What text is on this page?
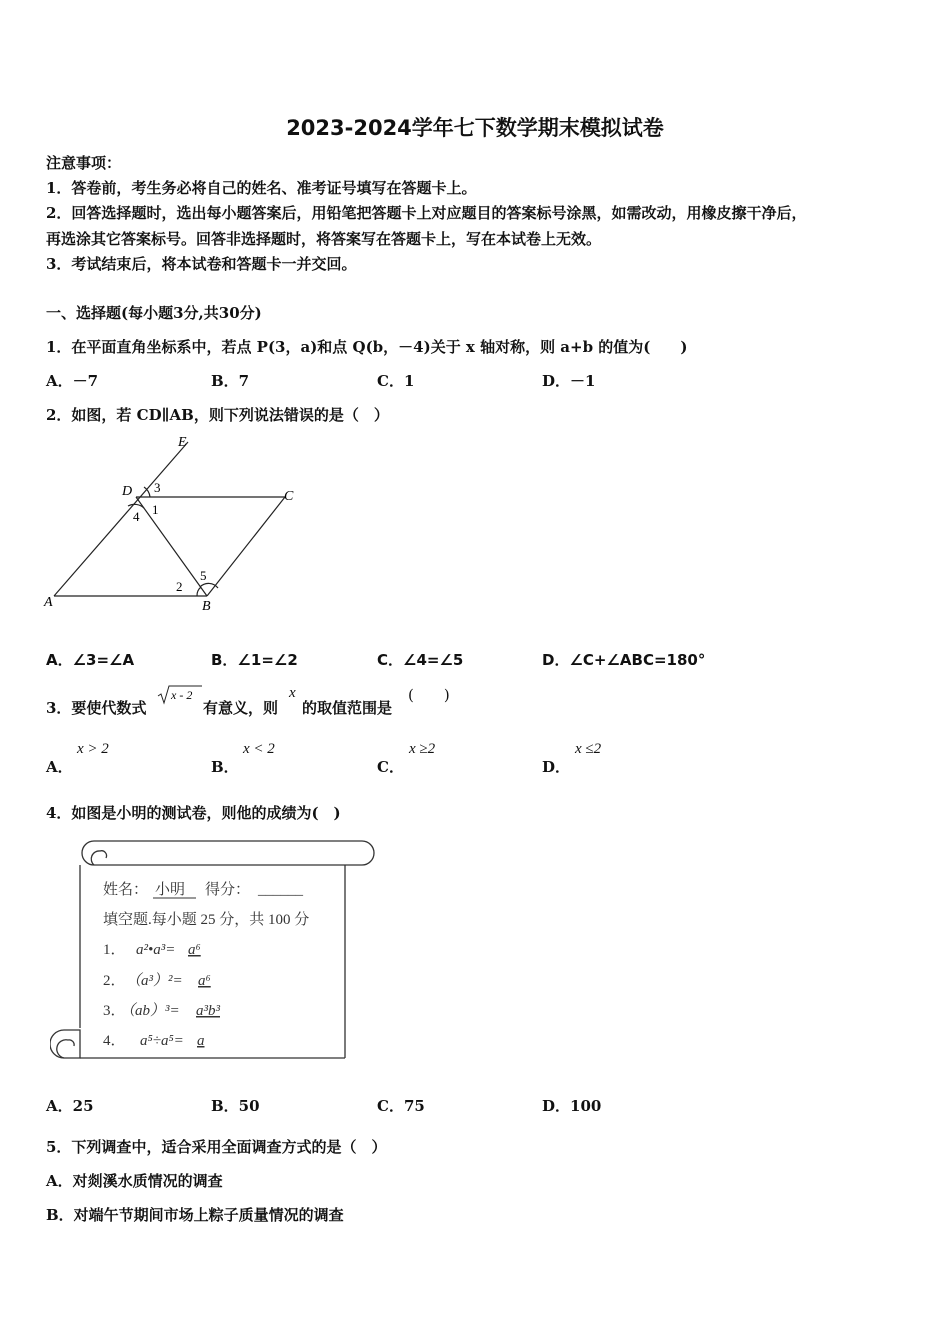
2023-2024学年七下数学期末模拟试卷
注意事项：
1．答卷前，考生务必将自己的姓名、准考证号填写在答题卡上。
2．回答选择题时，选出每小题答案后，用铅笔把答题卡上对应题目的答案标号涂黑，如需改动，用橡皮擦干净后，
再选涂其它答案标号。回答非选择题时，将答案写在答题卡上，写在本试卷上无效。
3．考试结束后，将本试卷和答题卡一并交回。
一、选择题(每小题3分,共30分)
1．在平面直角坐标系中，若点 P(3，a)和点 Q(b，－4)关于 x 轴对称，则 a+b 的值为(　　)
A．－7	B．7	C．1	D．－1
2．如图，若 CD∥AB，则下列说法错误的是（　）
E
D	C
A	B
1
2
3
4
5
A．∠3=∠A	B．∠1=∠2	C．∠4=∠5	D．∠C+∠ABC=180°
3．要使代数式
x - 2
有意义，则
x
的取值范围是
(　　)
A．
x > 2
B．
x < 2
C．
x ≥2
D．
x ≤2
4．如图是小明的测试卷，则他的成绩为(　)
姓名： 小明 得分： ______
填空题.每小题 25 分，共 100 分
1． a²•a³= a⁶
2． （a³）²= a⁶
3．
（ab）³= a³b³
4． a⁵÷a⁵= a
A．25	B．50	C．75	D．100
5．下列调查中，适合采用全面调查方式的是（　）
A．对剡溪水质情况的调查
B．对端午节期间市场上粽子质量情况的调查
